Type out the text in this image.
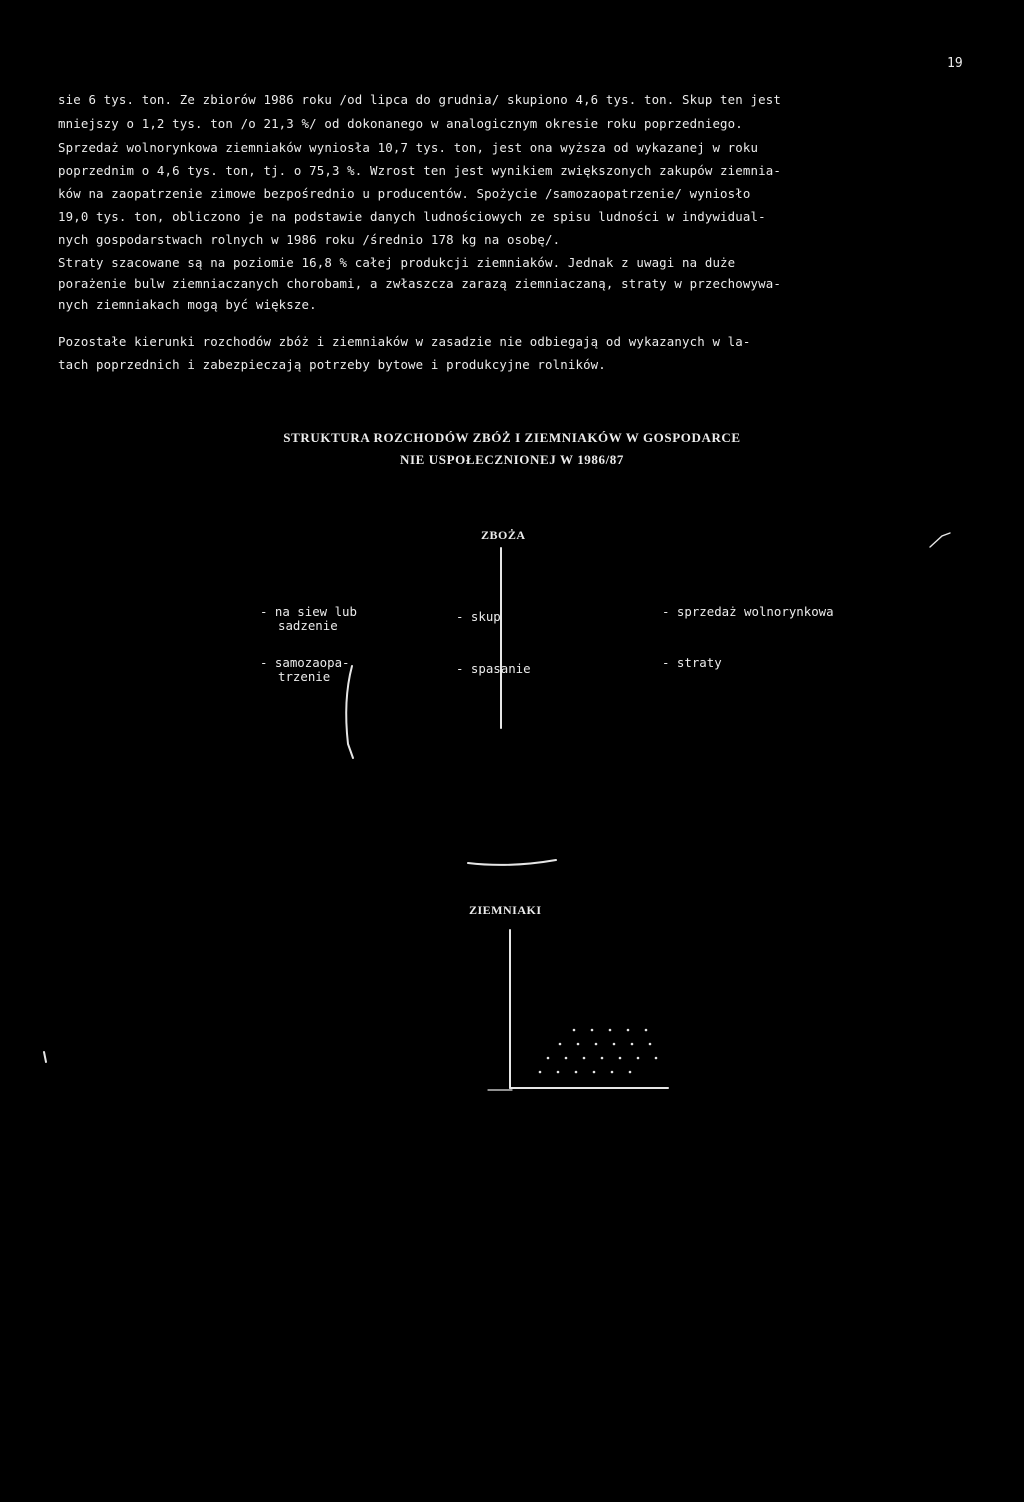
19
sie 6 tys. ton. Ze zbiorów 1986 roku /od lipca do grudnia/ skupiono 4,6 tys. ton. Skup ten jest
mniejszy o 1,2 tys. ton /o 21,3 %/ od dokonanego w analogicznym okresie roku poprzedniego.
Sprzedaż wolnorynkowa ziemniaków wyniosła 10,7 tys. ton, jest ona wyższa od wykazanej w roku
poprzednim o 4,6 tys. ton, tj. o 75,3 %. Wzrost ten jest wynikiem zwiększonych zakupów ziemnia-
ków na zaopatrzenie zimowe bezpośrednio u producentów. Spożycie /samozaopatrzenie/ wyniosło
19,0 tys. ton, obliczono je na podstawie danych ludnościowych ze spisu ludności w indywidual-
nych gospodarstwach rolnych w 1986 roku /średnio 178 kg na osobę/.
Straty szacowane są na poziomie 16,8 % całej produkcji ziemniaków. Jednak z uwagi na duże
porażenie bulw ziemniaczanych chorobami, a zwłaszcza zarazą ziemniaczaną, straty w przechowywa-
nych ziemniakach mogą być większe.
Pozostałe kierunki rozchodów zbóż i ziemniaków w zasadzie nie odbiegają od wykazanych w la-
tach poprzednich i zabezpieczają potrzeby bytowe i produkcyjne rolników.
STRUKTURA ROZCHODÓW ZBÓŻ I ZIEMNIAKÓW W GOSPODARCE
NIE USPOŁECZNIONEJ W 1986/87
ZBOŻA
ZIEMNIAKI
- na siew lub
sadzenie
- skup	- sprzedaż wolnorynkowa
- samozaopa-
trzenie
- spasanie	- straty
